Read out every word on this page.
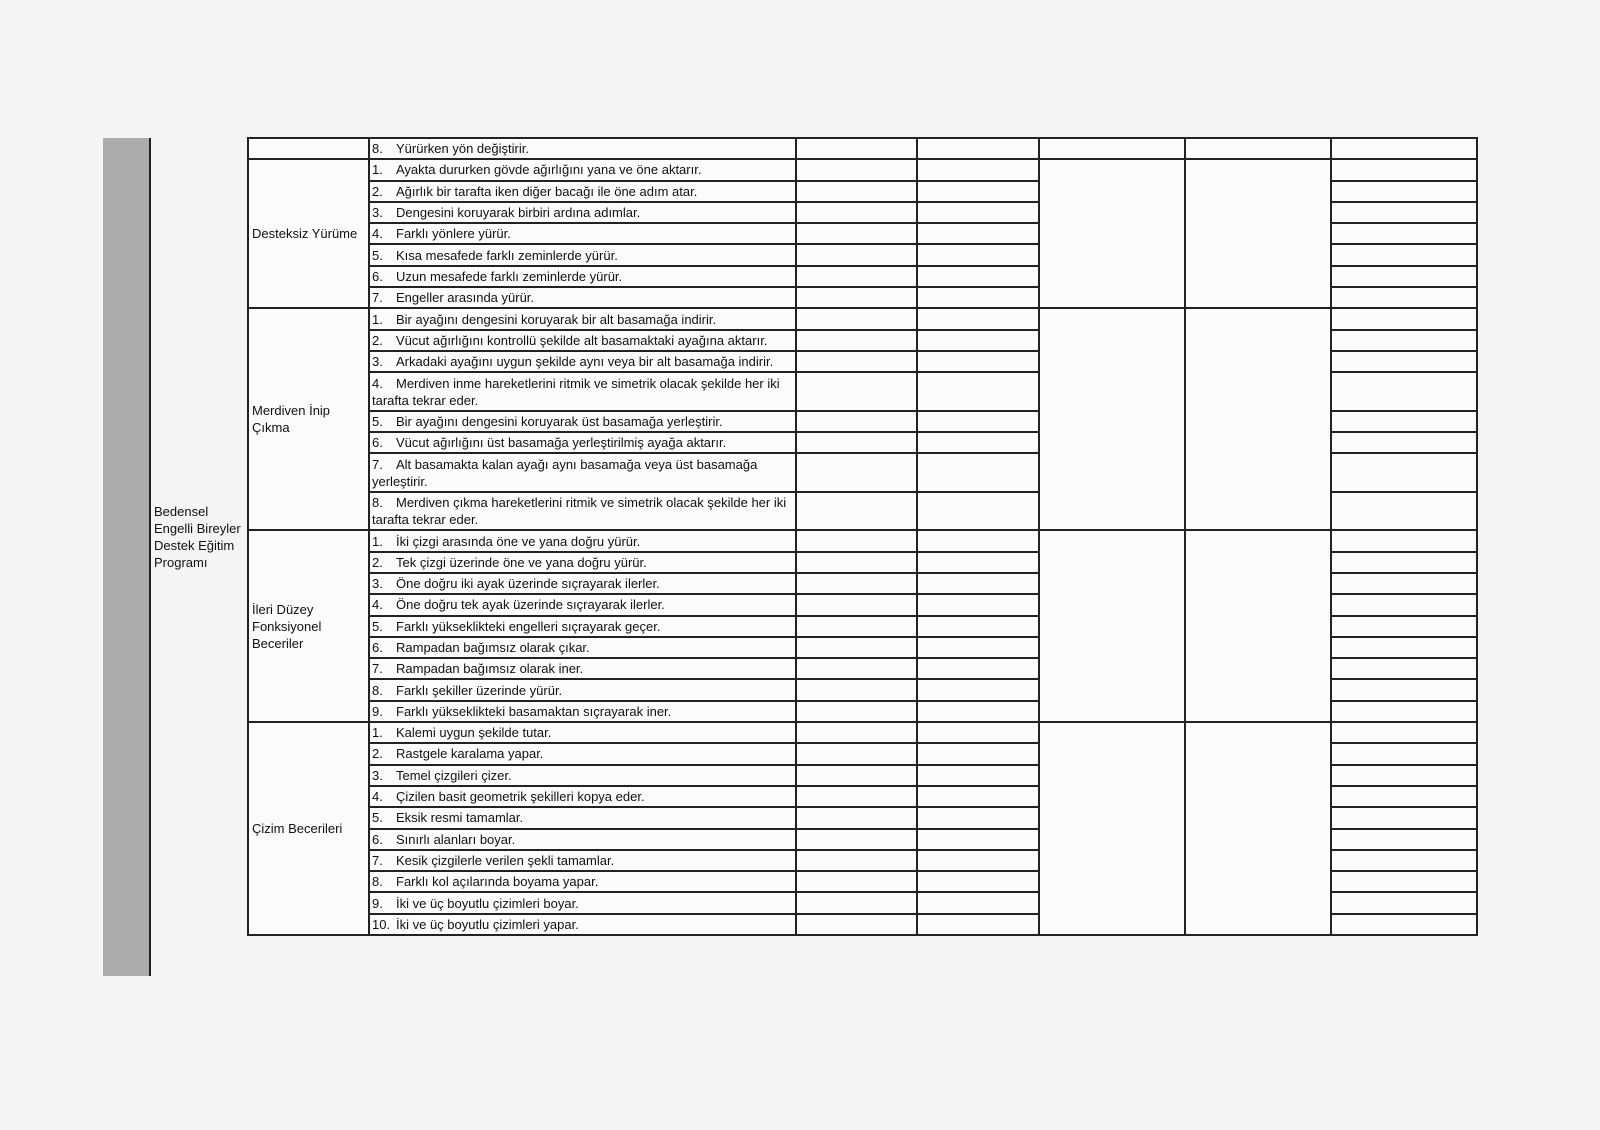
Bedensel Engelli Bireyler Destek Eğitim Programı		8. Yürürken yön değiştirir.					
	Desteksiz Yürüme	1. Ayakta dururken gövde ağırlığını yana ve öne aktarır.					
		2. Ağırlık bir tarafta iken diğer bacağı ile öne adım atar.					
		3. Dengesini koruyarak birbiri ardına adımlar.					
		4. Farklı yönlere yürür.					
		5. Kısa mesafede farklı zeminlerde yürür.					
		6. Uzun mesafede farklı zeminlerde yürür.					
		7. Engeller arasında yürür.					
	Merdiven İnip Çıkma	1. Bir ayağını dengesini koruyarak bir alt basamağa indirir.					
		2. Vücut ağırlığını kontrollü şekilde alt basamaktaki ayağına aktarır.					
		3. Arkadaki ayağını uygun şekilde aynı veya bir alt basamağa indirir.					
		4. Merdiven inme hareketlerini ritmik ve simetrik olacak şekilde her iki tarafta tekrar eder.					
		5. Bir ayağını dengesini koruyarak üst basamağa yerleştirir.					
		6. Vücut ağırlığını üst basamağa yerleştirilmiş ayağa aktarır.					
		7. Alt basamakta kalan ayağı aynı basamağa veya üst basamağa yerleştirir.					
		8. Merdiven çıkma hareketlerini ritmik ve simetrik olacak şekilde her iki tarafta tekrar eder.					
	İleri Düzey Fonksiyonel Beceriler	1. İki çizgi arasında öne ve yana doğru yürür.					
		2. Tek çizgi üzerinde öne ve yana doğru yürür.					
		3. Öne doğru iki ayak üzerinde sıçrayarak ilerler.					
		4. Öne doğru tek ayak üzerinde sıçrayarak ilerler.					
		5. Farklı yükseklikteki engelleri sıçrayarak geçer.					
		6. Rampadan bağımsız olarak çıkar.					
		7. Rampadan bağımsız olarak iner.					
		8. Farklı şekiller üzerinde yürür.					
		9. Farklı yükseklikteki basamaktan sıçrayarak iner.					
	Çizim Becerileri	1. Kalemi uygun şekilde tutar.					
		2. Rastgele karalama yapar.					
		3. Temel çizgileri çizer.					
		4. Çizilen basit geometrik şekilleri kopya eder.					
		5. Eksik resmi tamamlar.					
		6. Sınırlı alanları boyar.					
		7. Kesik çizgilerle verilen şekli tamamlar.					
		8. Farklı kol açılarında boyama yapar.					
		9. İki ve üç boyutlu çizimleri boyar.					
		10. İki ve üç boyutlu çizimleri yapar.					
